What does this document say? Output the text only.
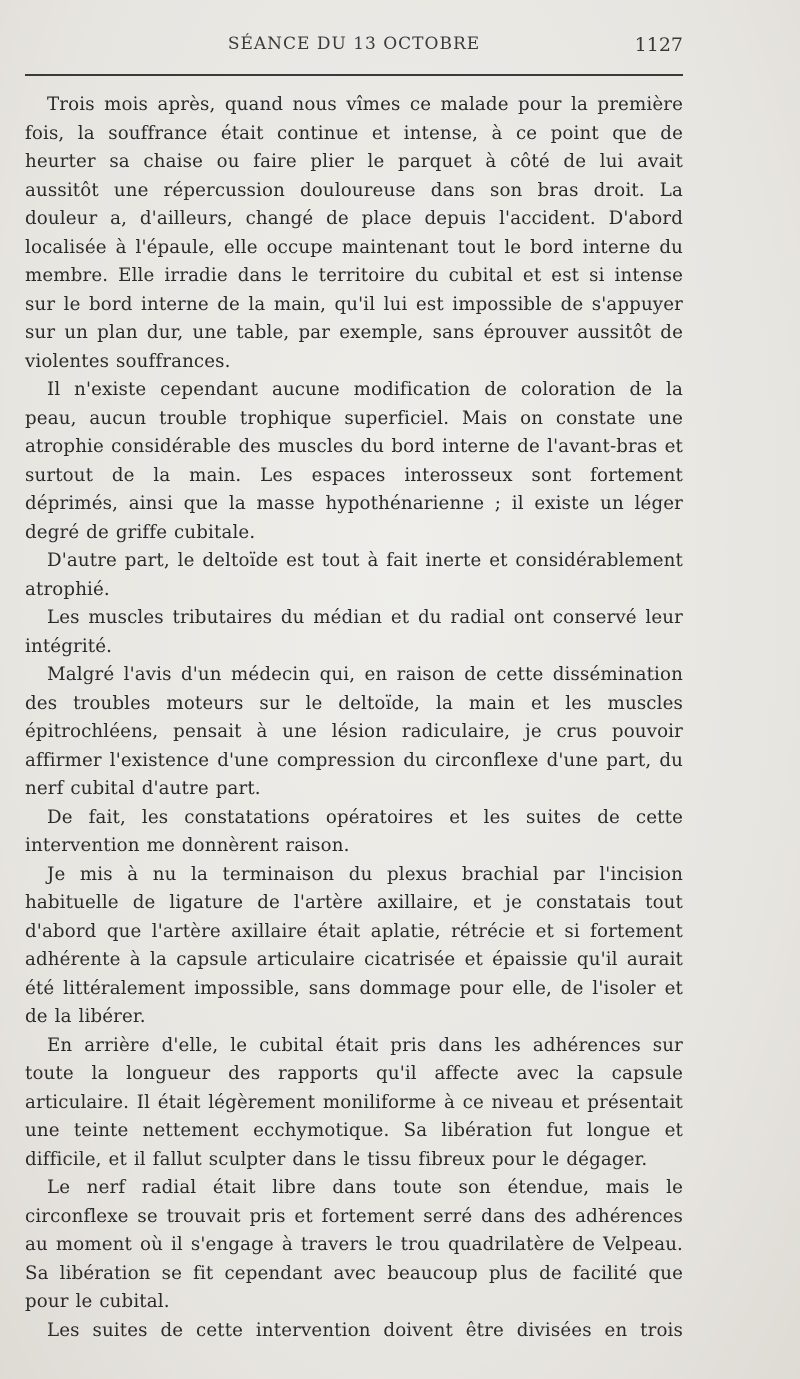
SÉANCE DU 13 OCTOBRE	1127

Trois mois après, quand nous vîmes ce malade pour la première fois, la souffrance était continue et intense, à ce point que de heurter sa chaise ou faire plier le parquet à côté de lui avait aussitôt une répercussion douloureuse dans son bras droit. La douleur a, d'ailleurs, changé de place depuis l'accident. D'abord localisée à l'épaule, elle occupe maintenant tout le bord interne du membre. Elle irradie dans le territoire du cubital et est si intense sur le bord interne de la main, qu'il lui est impossible de s'appuyer sur un plan dur, une table, par exemple, sans éprouver aussitôt de violentes souffrances.

Il n'existe cependant aucune modification de coloration de la peau, aucun trouble trophique superficiel. Mais on constate une atrophie considérable des muscles du bord interne de l'avant-bras et surtout de la main. Les espaces interosseux sont fortement déprimés, ainsi que la masse hypothénarienne ; il existe un léger degré de griffe cubitale.

D'autre part, le deltoïde est tout à fait inerte et considérablement atrophié.

Les muscles tributaires du médian et du radial ont conservé leur intégrité.

Malgré l'avis d'un médecin qui, en raison de cette dissémination des troubles moteurs sur le deltoïde, la main et les muscles épitrochléens, pensait à une lésion radiculaire, je crus pouvoir affirmer l'existence d'une compression du circonflexe d'une part, du nerf cubital d'autre part.

De fait, les constatations opératoires et les suites de cette intervention me donnèrent raison.

Je mis à nu la terminaison du plexus brachial par l'incision habituelle de ligature de l'artère axillaire, et je constatais tout d'abord que l'artère axillaire était aplatie, rétrécie et si fortement adhérente à la capsule articulaire cicatrisée et épaissie qu'il aurait été littéralement impossible, sans dommage pour elle, de l'isoler et de la libérer.

En arrière d'elle, le cubital était pris dans les adhérences sur toute la longueur des rapports qu'il affecte avec la capsule articulaire. Il était légèrement moniliforme à ce niveau et présentait une teinte nettement ecchymotique. Sa libération fut longue et difficile, et il fallut sculpter dans le tissu fibreux pour le dégager.

Le nerf radial était libre dans toute son étendue, mais le circonflexe se trouvait pris et fortement serré dans des adhérences au moment où il s'engage à travers le trou quadrilatère de Velpeau. Sa libération se fit cependant avec beaucoup plus de facilité que pour le cubital.

Les suites de cette intervention doivent être divisées en trois
